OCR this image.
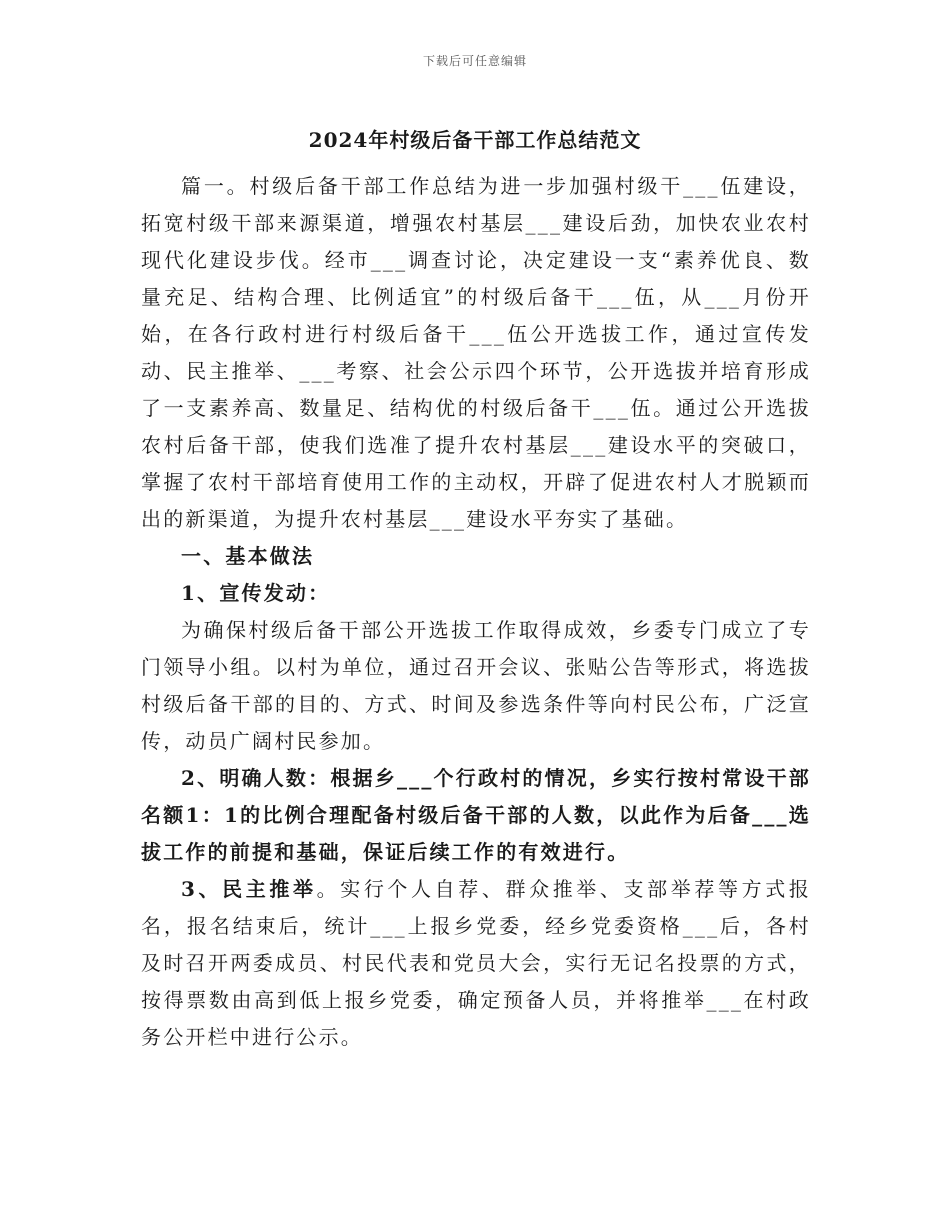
下载后可任意编辑
2024年村级后备干部工作总结范文

篇一。村级后备干部工作总结为进一步加强村级干___伍建设，拓宽村级干部来源渠道，增强农村基层___建设后劲，加快农业农村现代化建设步伐。经市___调查讨论，决定建设一支“素养优良、数量充足、结构合理、比例适宜”的村级后备干___伍，从___月份开始，在各行政村进行村级后备干___伍公开选拔工作，通过宣传发动、民主推举、___考察、社会公示四个环节，公开选拔并培育形成了一支素养高、数量足、结构优的村级后备干___伍。通过公开选拔农村后备干部，使我们选准了提升农村基层___建设水平的突破口，掌握了农村干部培育使用工作的主动权，开辟了促进农村人才脱颖而出的新渠道，为提升农村基层___建设水平夯实了基础。

一、基本做法

1、宣传发动：

为确保村级后备干部公开选拔工作取得成效，乡委专门成立了专门领导小组。以村为单位，通过召开会议、张贴公告等形式，将选拔村级后备干部的目的、方式、时间及参选条件等向村民公布，广泛宣传，动员广阔村民参加。

2、明确人数：根据乡___个行政村的情况，乡实行按村常设干部名额1：1的比例合理配备村级后备干部的人数，以此作为后备___选拔工作的前提和基础，保证后续工作的有效进行。

3、民主推举。实行个人自荐、群众推举、支部举荐等方式报名，报名结束后，统计___上报乡党委，经乡党委资格___后，各村及时召开两委成员、村民代表和党员大会，实行无记名投票的方式，按得票数由高到低上报乡党委，确定预备人员，并将推举___在村政务公开栏中进行公示。
